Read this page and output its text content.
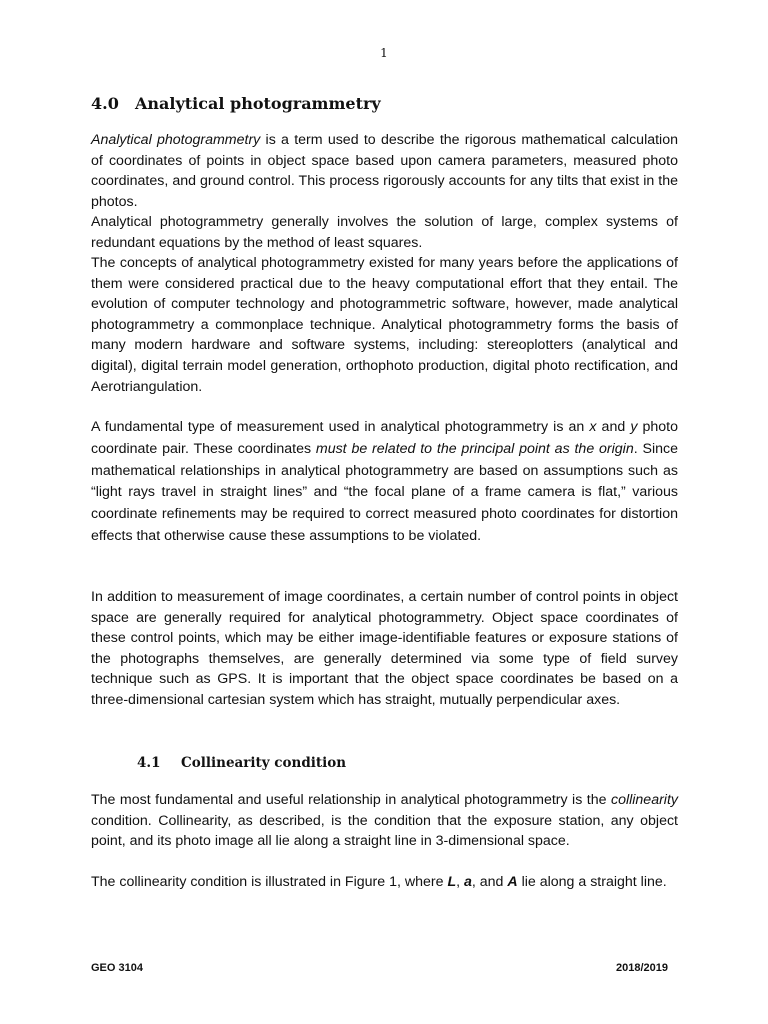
1
4.0 Analytical photogrammetry

Analytical photogrammetry is a term used to describe the rigorous mathematical calculation of coordinates of points in object space based upon camera parameters, measured photo coordinates, and ground control. This process rigorously accounts for any tilts that exist in the photos.

Analytical photogrammetry generally involves the solution of large, complex systems of redundant equations by the method of least squares.

The concepts of analytical photogrammetry existed for many years before the applications of them were considered practical due to the heavy computational effort that they entail. The evolution of computer technology and photogrammetric software, however, made analytical photogrammetry a commonplace technique. Analytical photogrammetry forms the basis of many modern hardware and software systems, including: stereoplotters (analytical and digital), digital terrain model generation, orthophoto production, digital photo rectification, and Aerotriangulation.

A fundamental type of measurement used in analytical photogrammetry is an x and y photo coordinate pair. These coordinates must be related to the principal point as the origin. Since mathematical relationships in analytical photogrammetry are based on assumptions such as “light rays travel in straight lines” and “the focal plane of a frame camera is flat,” various coordinate refinements may be required to correct measured photo coordinates for distortion effects that otherwise cause these assumptions to be violated.

In addition to measurement of image coordinates, a certain number of control points in object space are generally required for analytical photogrammetry. Object space coordinates of these control points, which may be either image-identifiable features or exposure stations of the photographs themselves, are generally determined via some type of field survey technique such as GPS. It is important that the object space coordinates be based on a three-dimensional cartesian system which has straight, mutually perpendicular axes.

4.1 Collinearity condition

The most fundamental and useful relationship in analytical photogrammetry is the collinearity condition. Collinearity, as described, is the condition that the exposure station, any object point, and its photo image all lie along a straight line in 3-dimensional space.

The collinearity condition is illustrated in Figure 1, where L, a, and A lie along a straight line.

GEO 3104	2018/2019
